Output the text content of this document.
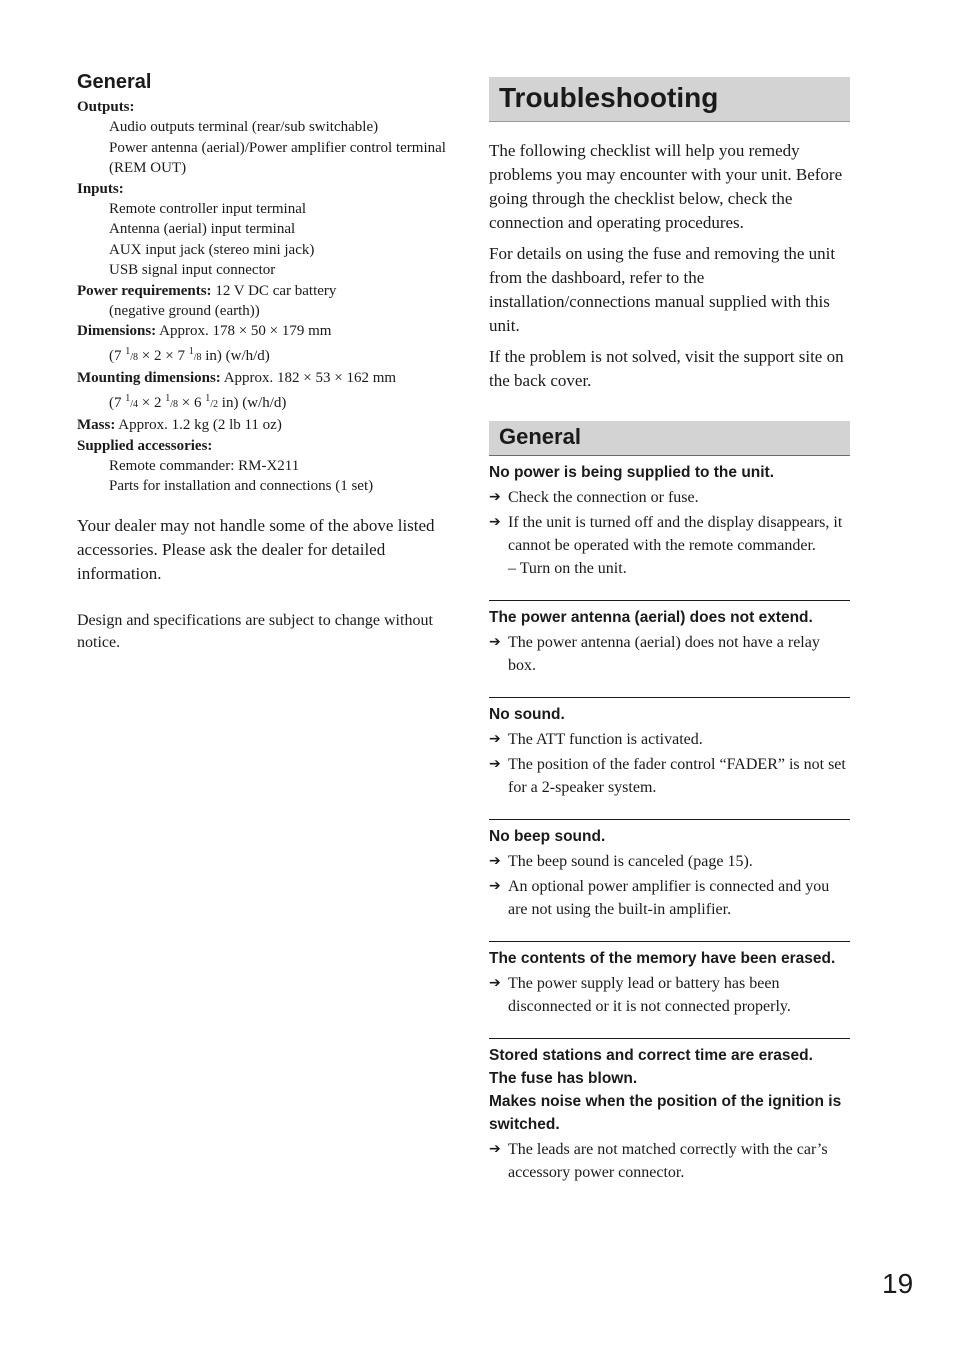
General
Outputs:
Audio outputs terminal (rear/sub switchable)
Power antenna (aerial)/Power amplifier control terminal (REM OUT)
Inputs:
Remote controller input terminal
Antenna (aerial) input terminal
AUX input jack (stereo mini jack)
USB signal input connector
Power requirements: 12 V DC car battery
(negative ground (earth))
Dimensions: Approx. 178 × 50 × 179 mm
(7 $^1$/8 × 2 × 7 $^1$/8 in) (w/h/d)
Mounting dimensions: Approx. 182 × 53 × 162 mm
(7 $^1$/4 × 2 $^1$/8 × 6 $^1$/2 in) (w/h/d)
Mass: Approx. 1.2 kg (2 lb 11 oz)
Supplied accessories:
Remote commander: RM-X211
Parts for installation and connections (1 set)

Your dealer may not handle some of the above listed accessories. Please ask the dealer for detailed information.

Design and specifications are subject to change without notice.

Troubleshooting

The following checklist will help you remedy problems you may encounter with your unit. Before going through the checklist below, check the connection and operating procedures.

For details on using the fuse and removing the unit from the dashboard, refer to the installation/connections manual supplied with this unit.

If the problem is not solved, visit the support site on the back cover.

General
No power is being supplied to the unit.
➔ Check the connection or fuse.
➔ If the unit is turned off and the display disappears, it cannot be operated with the remote commander.
– Turn on the unit.
The power antenna (aerial) does not extend.
➔ The power antenna (aerial) does not have a relay box.
No sound.
➔ The ATT function is activated.
➔ The position of the fader control “FADER” is not set for a 2-speaker system.
No beep sound.
➔ The beep sound is canceled (page 15).
➔ An optional power amplifier is connected and you are not using the built-in amplifier.
The contents of the memory have been erased.
➔ The power supply lead or battery has been disconnected or it is not connected properly.
Stored stations and correct time are erased.
The fuse has blown.
Makes noise when the position of the ignition is switched.
➔ The leads are not matched correctly with the car’s accessory power connector.
19
